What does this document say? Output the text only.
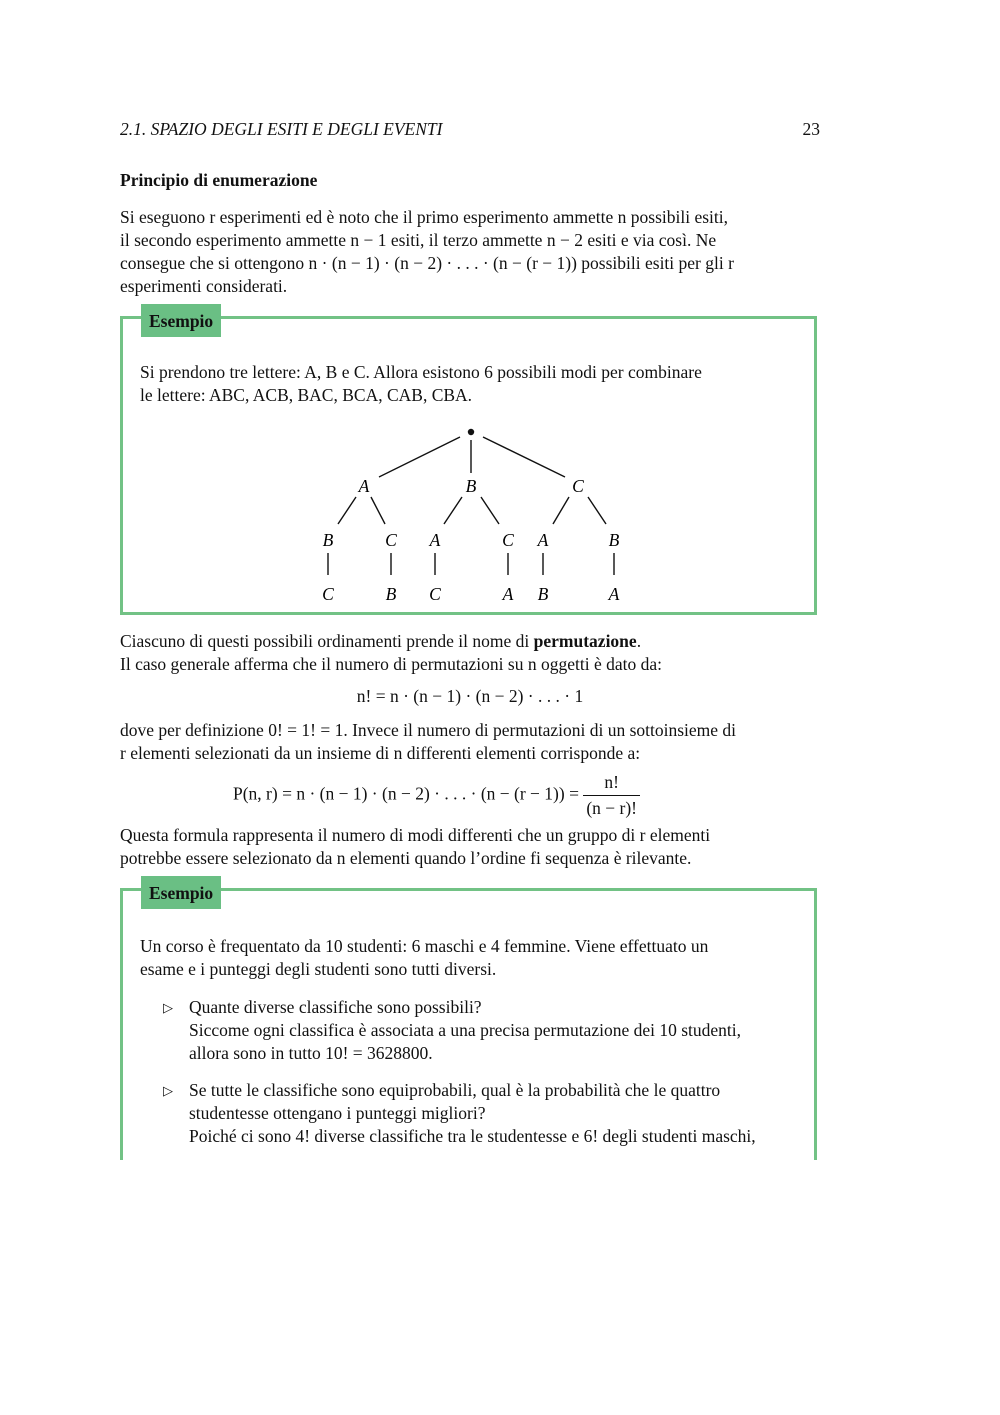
2.1. SPAZIO DEGLI ESITI E DEGLI EVENTI	23
Principio di enumerazione
Si eseguono r esperimenti ed è noto che il primo esperimento ammette n possibili esiti,
il secondo esperimento ammette n − 1 esiti, il terzo ammette n − 2 esiti e via così. Ne
consegue che si ottengono n · (n − 1) · (n − 2) · . . . · (n − (r − 1)) possibili esiti per gli r
esperimenti considerati.
Esempio
Si prendono tre lettere: A, B e C. Allora esistono 6 possibili modi per combinare
le lettere: ABC, ACB, BAC, BCA, CAB, CBA.
A	B	C
B	C A	C A	B
C	B C	A B	A
Ciascuno di questi possibili ordinamenti prende il nome di permutazione.
Il caso generale afferma che il numero di permutazioni su n oggetti è dato da:
n! = n · (n − 1) · (n − 2) · . . . · 1
dove per definizione 0! = 1! = 1. Invece il numero di permutazioni di un sottoinsieme di
r elementi selezionati da un insieme di n differenti elementi corrisponde a:
P(n, r) = n · (n − 1) · (n − 2) · . . . · $(n - (r - 1)) = \frac{n!}{(n - r)!}$
Questa formula rappresenta il numero di modi differenti che un gruppo di r elementi
potrebbe essere selezionato da n elementi quando l’ordine fi sequenza è rilevante.
Esempio
Un corso è frequentato da 10 studenti: 6 maschi e 4 femmine. Viene effettuato un
esame e i punteggi degli studenti sono tutti diversi.
▷ Quante diverse classifiche sono possibili?
Siccome ogni classifica è associata a una precisa permutazione dei 10 studenti,
allora sono in tutto 10! = 3628800.
▷ Se tutte le classifiche sono equiprobabili, qual è la probabilità che le quattro
studentesse ottengano i punteggi migliori?
Poiché ci sono 4! diverse classifiche tra le studentesse e 6! degli studenti maschi,
